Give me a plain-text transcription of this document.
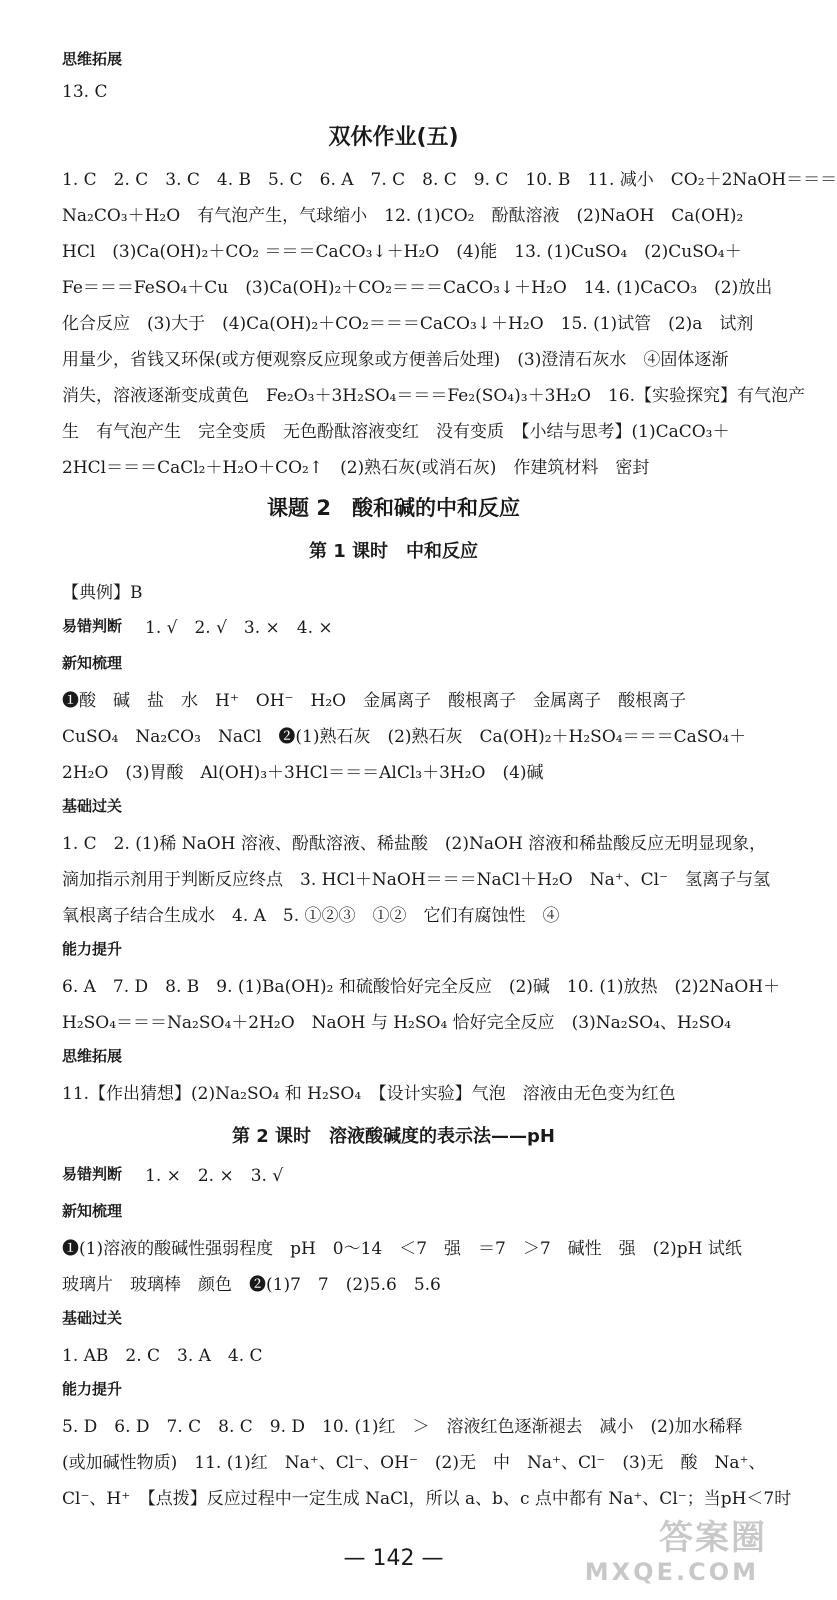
思维拓展
13. C
双休作业(五)
1. C　2. C　3. C　4. B　5. C　6. A　7. C　8. C　9. C　10. B　11. 减小　CO₂＋2NaOH＝＝＝
Na₂CO₃＋H₂O　有气泡产生，气球缩小　12. (1)CO₂　酚酞溶液　(2)NaOH　Ca(OH)₂
HCl　(3)Ca(OH)₂＋CO₂ ＝＝＝CaCO₃↓＋H₂O　(4)能　13. (1)CuSO₄　(2)CuSO₄＋
Fe＝＝＝FeSO₄＋Cu　(3)Ca(OH)₂＋CO₂＝＝＝CaCO₃↓＋H₂O　14. (1)CaCO₃　(2)放出
化合反应　(3)大于　(4)Ca(OH)₂＋CO₂＝＝＝CaCO₃↓＋H₂O　15. (1)试管　(2)a　试剂
用量少，省钱又环保(或方便观察反应现象或方便善后处理)　(3)澄清石灰水　④固体逐渐
消失，溶液逐渐变成黄色　Fe₂O₃＋3H₂SO₄＝＝＝Fe₂(SO₄)₃＋3H₂O　16.【实验探究】有气泡产
生　有气泡产生　完全变质　无色酚酞溶液变红　没有变质　【小结与思考】(1)CaCO₃＋
2HCl＝＝＝CaCl₂＋H₂O＋CO₂↑　(2)熟石灰(或消石灰)　作建筑材料　密封
课题 2　酸和碱的中和反应
第 1 课时　中和反应
【典例】B
易错判断 1. √　2. √　3. ×　4. ×
新知梳理
❶酸　碱　盐　水　H⁺　OH⁻　H₂O　金属离子　酸根离子　金属离子　酸根离子
CuSO₄　Na₂CO₃　NaCl　❷(1)熟石灰　(2)熟石灰　Ca(OH)₂＋H₂SO₄＝＝＝CaSO₄＋
2H₂O　(3)胃酸　Al(OH)₃＋3HCl＝＝＝AlCl₃＋3H₂O　(4)碱
基础过关
1. C　2. (1)稀 NaOH 溶液、酚酞溶液、稀盐酸　(2)NaOH 溶液和稀盐酸反应无明显现象，
滴加指示剂用于判断反应终点　3. HCl＋NaOH＝＝＝NaCl＋H₂O　Na⁺、Cl⁻　氢离子与氢
氧根离子结合生成水　4. A　5. ①②③　①②　它们有腐蚀性　④
能力提升
6. A　7. D　8. B　9. (1)Ba(OH)₂ 和硫酸恰好完全反应　(2)碱　10. (1)放热　(2)2NaOH＋
H₂SO₄＝＝＝Na₂SO₄＋2H₂O　NaOH 与 H₂SO₄ 恰好完全反应　(3)Na₂SO₄、H₂SO₄
思维拓展
11.【作出猜想】(2)Na₂SO₄ 和 H₂SO₄　【设计实验】气泡　溶液由无色变为红色
第 2 课时　溶液酸碱度的表示法——pH
易错判断 1. ×　2. ×　3. √
新知梳理
❶(1)溶液的酸碱性强弱程度　pH　0～14　＜7　强　＝7　＞7　碱性　强　(2)pH 试纸
玻璃片　玻璃棒　颜色　❷(1)7　7　(2)5.6　5.6
基础过关
1. AB　2. C　3. A　4. C
能力提升
5. D　6. D　7. C　8. C　9. D　10. (1)红　＞　溶液红色逐渐褪去　减小　(2)加水稀释
(或加碱性物质)　11. (1)红　Na⁺、Cl⁻、OH⁻　(2)无　中　Na⁺、Cl⁻　(3)无　酸　Na⁺、
Cl⁻、H⁺　【点拨】反应过程中一定生成 NaCl，所以 a、b、c 点中都有 Na⁺、Cl⁻；当pH＜7时
— 142 —
答案圈
MXQE.COM
